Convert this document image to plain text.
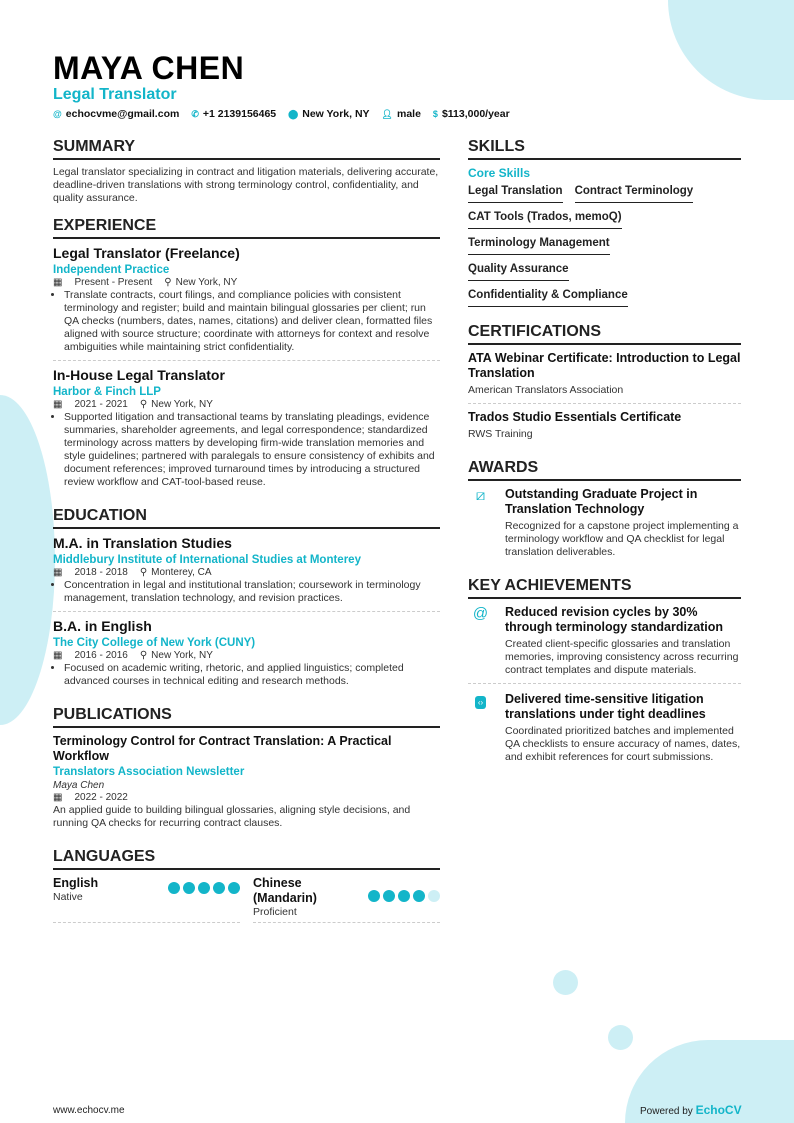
MAYA CHEN
Legal Translator
@ echocvme@gmail.com ✆ +1 2139156465 ⬤ New York, NY 👤︎ male $ $113,000/year
SUMMARY

Legal translator specializing in contract and litigation materials, delivering accurate, deadline-driven translations with strong terminology control, confidentiality, and quality assurance.

EXPERIENCE
Legal Translator (Freelance)
Independent Practice
▦ Present - Present ⚲ New York, NY
• Translate contracts, court filings, and compliance policies with consistent terminology and register; build and maintain bilingual glossaries per client; run QA checks (numbers, dates, names, citations) and deliver clean, formatted files aligned with source structure; coordinate with attorneys for context and resolve ambiguities while maintaining strict confidentiality.
In-House Legal Translator
Harbor & Finch LLP
▦ 2021 - 2021 ⚲ New York, NY
• Supported litigation and transactional teams by translating pleadings, evidence summaries, shareholder agreements, and legal correspondence; standardized terminology across matters by developing firm-wide translation memories and style guidelines; partnered with paralegals to ensure consistency of exhibits and document references; improved turnaround times by introducing a structured review workflow and CAT-tool-based reuse.
EDUCATION
M.A. in Translation Studies
Middlebury Institute of International Studies at Monterey
▦ 2018 - 2018 ⚲ Monterey, CA
• Concentration in legal and institutional translation; coursework in terminology management, translation technology, and revision practices.
B.A. in English
The City College of New York (CUNY)
▦ 2016 - 2016 ⚲ New York, NY
• Focused on academic writing, rhetoric, and applied linguistics; completed advanced courses in technical editing and research methods.
PUBLICATIONS
Terminology Control for Contract Translation: A Practical Workflow
Translators Association Newsletter
Maya Chen
▦ 2022 - 2022

An applied guide to building bilingual glossaries, aligning style decisions, and running QA checks for recurring contract clauses.

LANGUAGES
English
Native
Chinese (Mandarin)
Proficient
SKILLS
Core Skills
Legal Translation Contract Terminology
CAT Tools (Trados, memoQ)
Terminology Management
Quality Assurance
Confidentiality & Compliance
CERTIFICATIONS
ATA Webinar Certificate: Introduction to Legal Translation
American Translators Association
Trados Studio Essentials Certificate
RWS Training
AWARDS
⧄	Outstanding Graduate Project in Translation Technology

Recognized for a capstone project implementing a terminology workflow and QA checklist for legal translation deliverables.

KEY ACHIEVEMENTS
@	Reduced revision cycles by 30% through terminology standardization

Created client-specific glossaries and translation memories, improving consistency across recurring contract templates and dispute materials.

‹›	Delivered time-sensitive litigation translations under tight deadlines

Coordinated prioritized batches and implemented QA checklists to ensure accuracy of names, dates, and exhibit references for court submissions.

www.echocv.me	Powered by EchoCV
